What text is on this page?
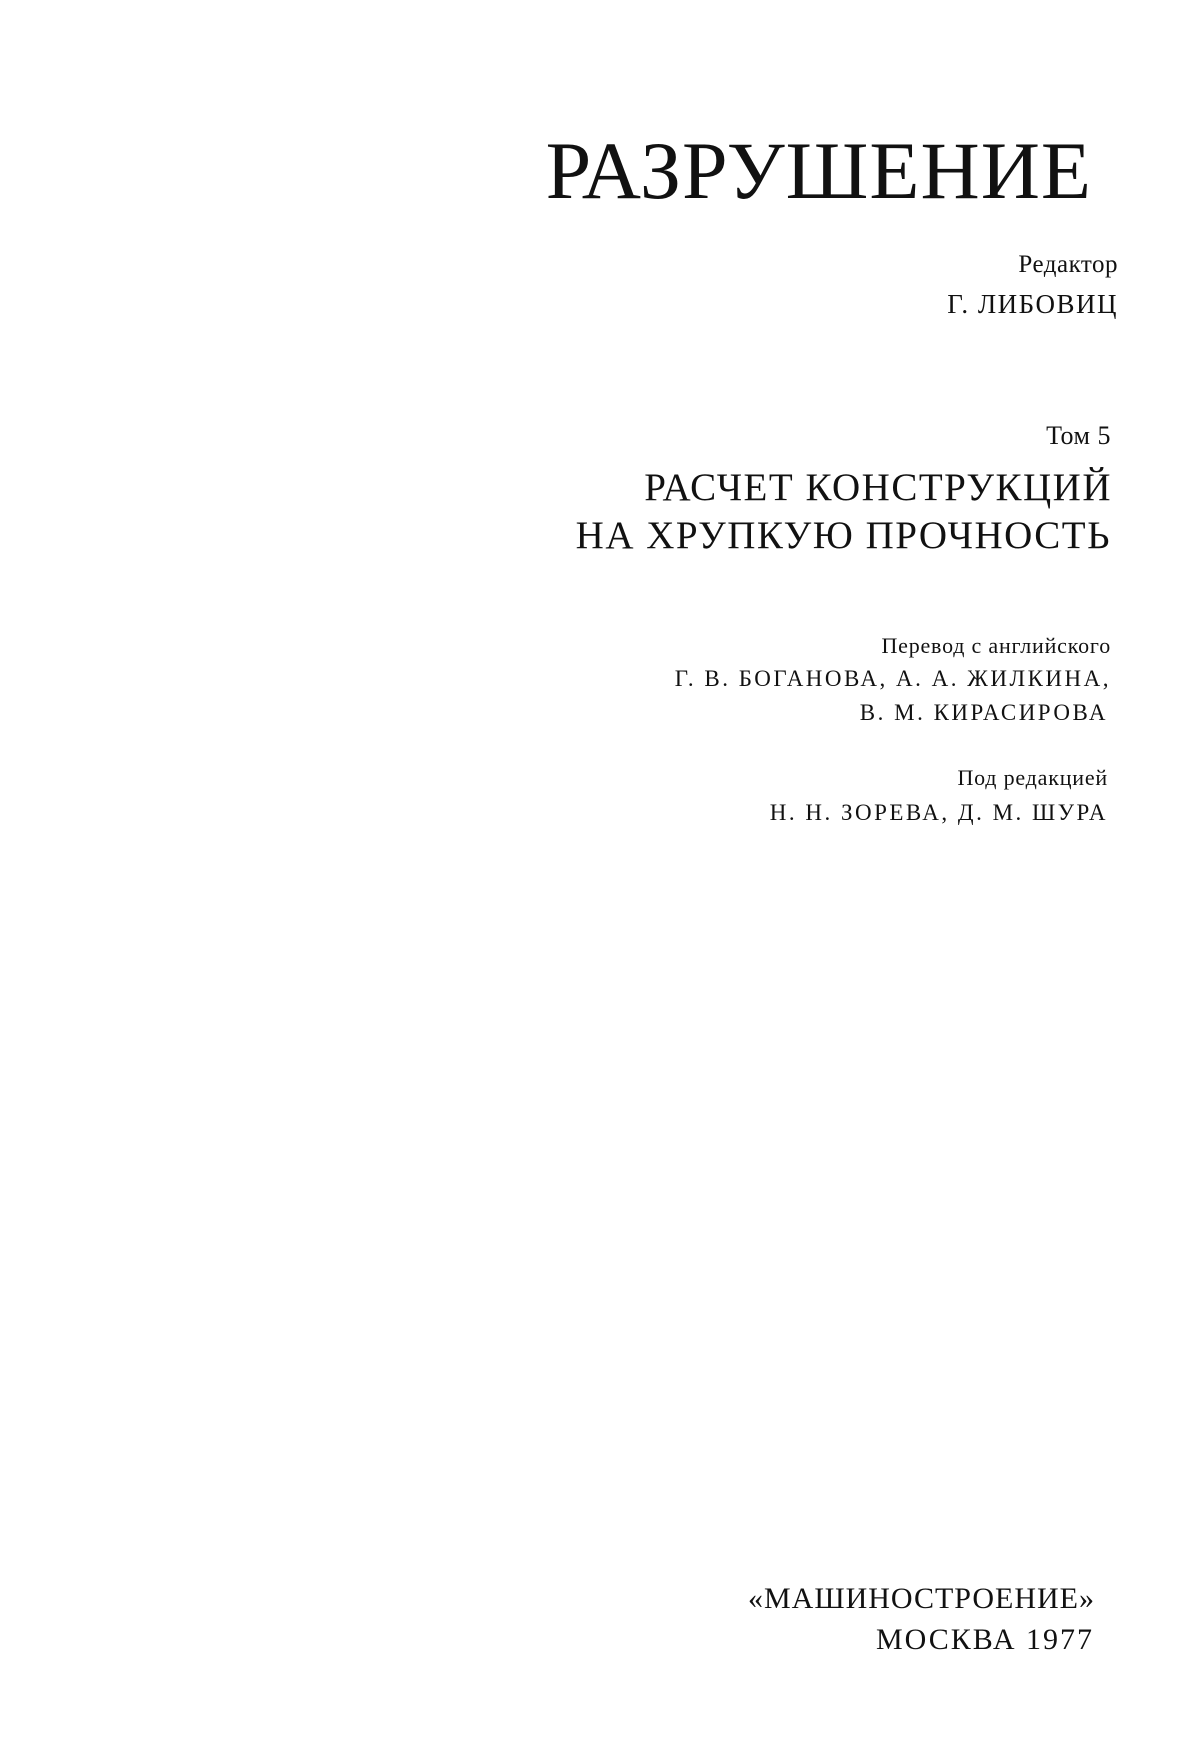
РАЗРУШЕНИЕ
Редактор
Г. ЛИБОВИЦ
Том 5
РАСЧЕТ КОНСТРУКЦИЙ
НА ХРУПКУЮ ПРОЧНОСТЬ
Перевод с английского
Г. В. БОГАНОВА, А. А. ЖИЛКИНА,
В. М. КИРАСИРОВА
Под редакцией
Н. Н. ЗОРЕВА, Д. М. ШУРА
«МАШИНОСТРОЕНИЕ»
МОСКВА 1977
